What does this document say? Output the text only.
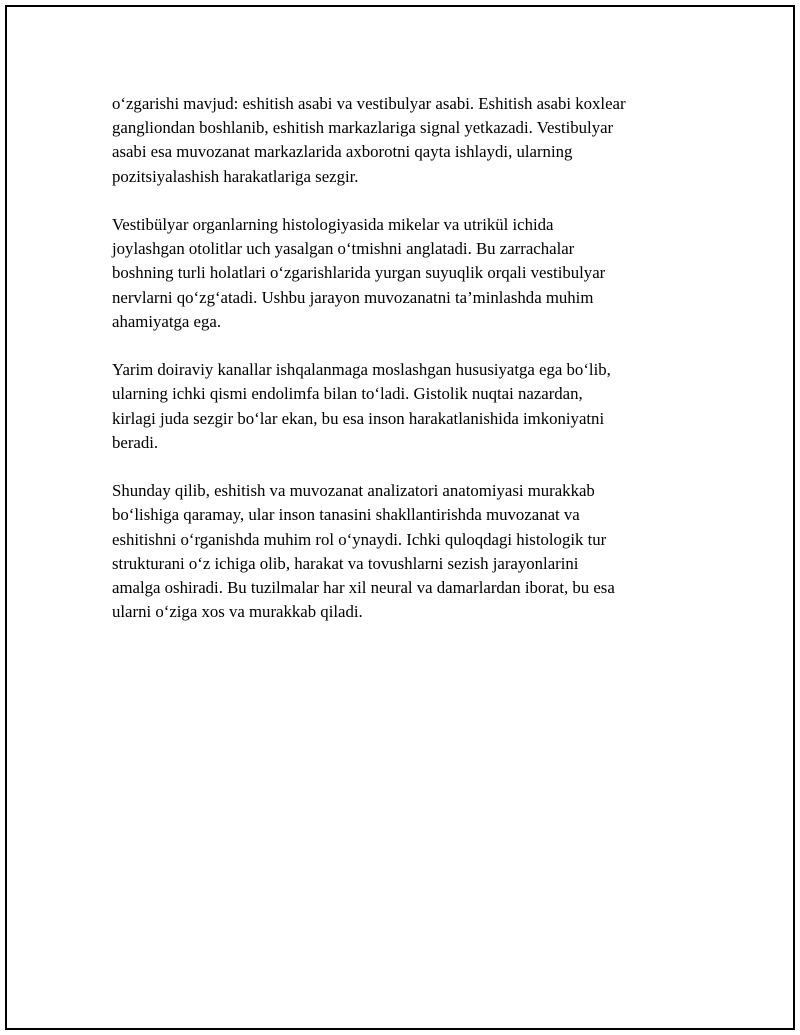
o‘zgarishi mavjud: eshitish asabi va vestibulyar asabi. Eshitish asabi koxlear
gangliondan boshlanib, eshitish markazlariga signal yetkazadi. Vestibulyar
asabi esa muvozanat markazlarida axborotni qayta ishlaydi, ularning
pozitsiyalashish harakatlariga sezgir.

Vestibülyar organlarning histologiyasida mikelar va utrikül ichida
joylashgan otolitlar uch yasalgan o‘tmishni anglatadi. Bu zarrachalar
boshning turli holatlari o‘zgarishlarida yurgan suyuqlik orqali vestibulyar
nervlarni qo‘zg‘atadi. Ushbu jarayon muvozanatni ta’minlashda muhim
ahamiyatga ega.

Yarim doiraviy kanallar ishqalanmaga moslashgan hususiyatga ega bo‘lib,
ularning ichki qismi endolimfa bilan to‘ladi. Gistolik nuqtai nazardan,
kirlagi juda sezgir bo‘lar ekan, bu esa inson harakatlanishida imkoniyatni
beradi.

Shunday qilib, eshitish va muvozanat analizatori anatomiyasi murakkab
bo‘lishiga qaramay, ular inson tanasini shakllantirishda muvozanat va
eshitishni o‘rganishda muhim rol o‘ynaydi. Ichki quloqdagi histologik tur
strukturani o‘z ichiga olib, harakat va tovushlarni sezish jarayonlarini
amalga oshiradi. Bu tuzilmalar har xil neural va damarlardan iborat, bu esa
ularni o‘ziga xos va murakkab qiladi.
